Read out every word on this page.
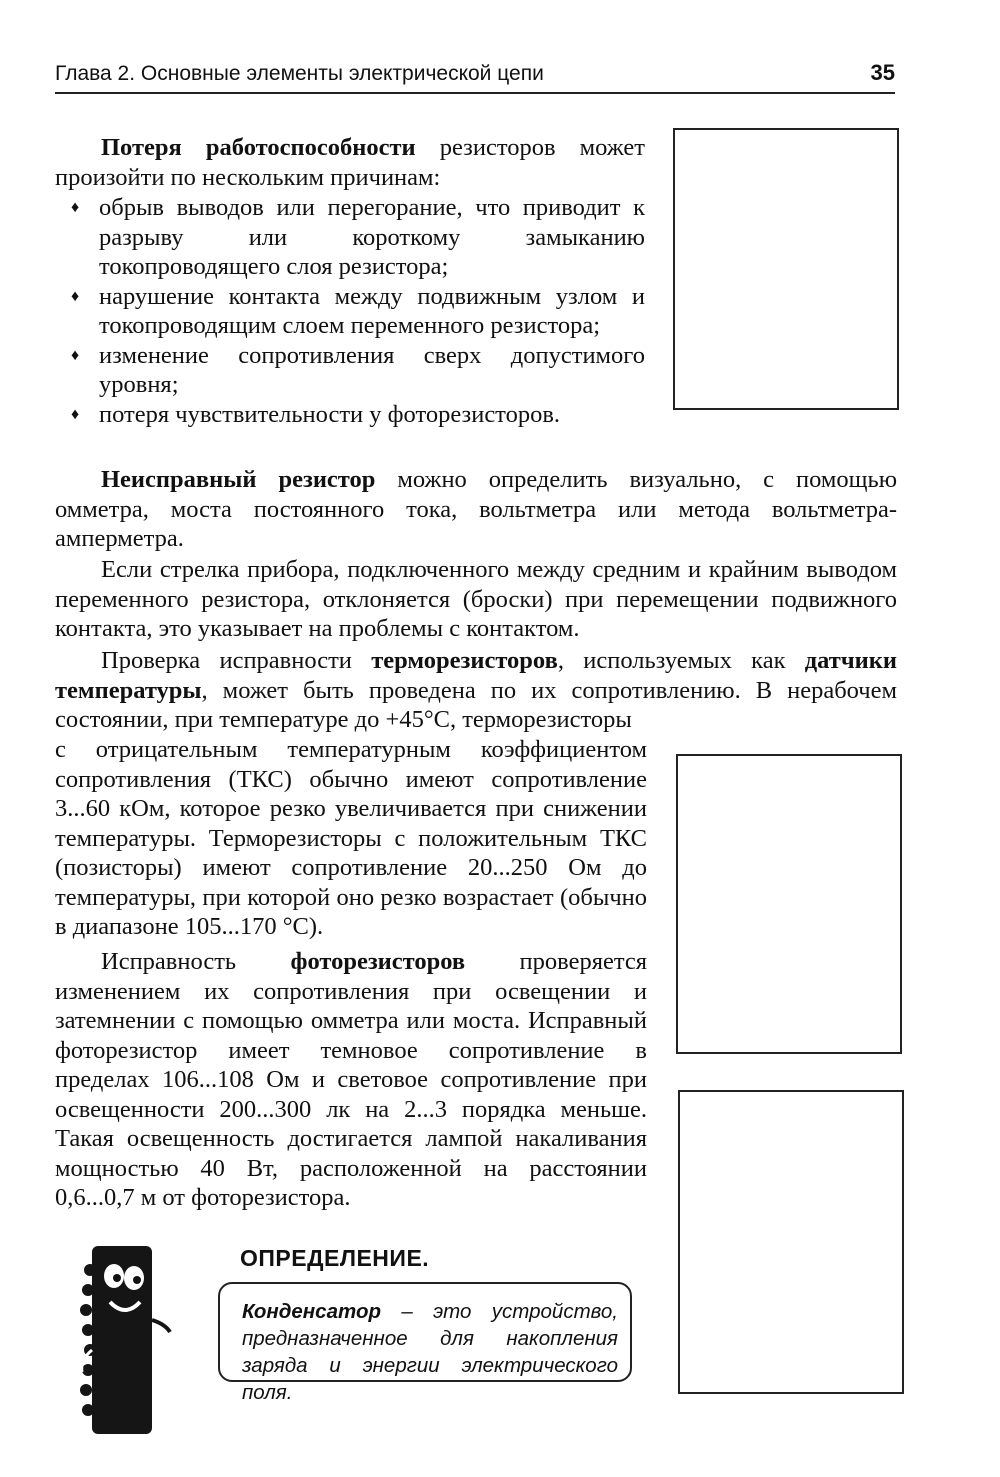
Глава 2. Основные элементы электрической цепи	35

Потеря работоспособности резисторов может произойти по нескольким причинам:

♦ обрыв выводов или перегорание, что приводит к разрыву или короткому замыканию токопроводящего слоя резистора;
♦ нарушение контакта между подвижным узлом и токопроводящим слоем переменного резистора;
♦ изменение сопротивления сверх допустимого уровня;
♦ потеря чувствительности у фоторезисторов.

Неисправный резистор можно определить визуально, с помощью омметра, моста постоянного тока, вольтметра или метода вольтметра-амперметра.

Если стрелка прибора, подключенного между средним и крайним выводом переменного резистора, отклоняется (броски) при перемещении подвижного контакта, это указывает на проблемы с контактом.

Проверка исправности терморезисторов, используемых как датчики температуры, может быть проведена по их сопротивлению. В нерабочем состоянии, при температуре до +45°С, терморезисторы

с отрицательным температурным коэффициентом сопротивления (ТКС) обычно имеют сопротивление 3...60 кОм, которое резко увеличивается при снижении температуры. Терморезисторы с положительным ТКС (позисторы) имеют сопротивление 20...250 Ом до температуры, при которой оно резко возрастает (обычно в диапазоне 105...170 °С).

Исправность фоторезисторов проверяется изменением их сопротивления при освещении и затемнении с помощью омметра или моста. Исправный фоторезистор имеет темновое сопротивление в пределах 106...108 Ом и световое сопротивление при освещенности 200...300 лк на 2...3 порядка меньше. Такая освещенность достигается лампой накаливания мощностью 40 Вт, расположенной на расстоянии 0,6...0,7 м от фоторезистора.

ОПРЕДЕЛЕНИЕ.
Конденсатор – это устройство, предназначенное для накопления заряда и энергии электрического поля.
